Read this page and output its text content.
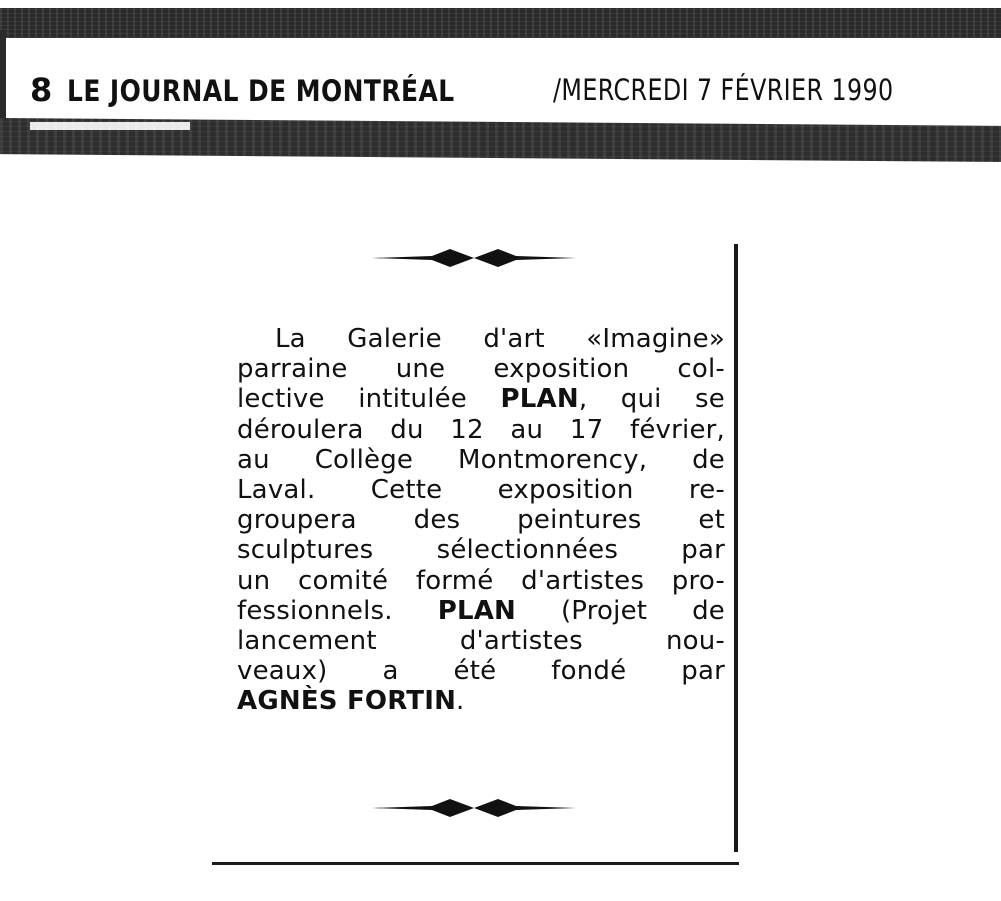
8 LE JOURNAL DE MONTRÉAL	/MERCREDI 7 FÉVRIER 1990
La Galerie d'art «Imagine»
parraine une exposition col-
lective intitulée PLAN, qui se
déroulera du 12 au 17 février,
au Collège Montmorency, de
Laval. Cette exposition re-
groupera des peintures et
sculptures sélectionnées par
un comité formé d'artistes pro-
fessionnels. PLAN (Projet de
lancement d'artistes nou-
veaux) a été fondé par
AGNÈS FORTIN.
